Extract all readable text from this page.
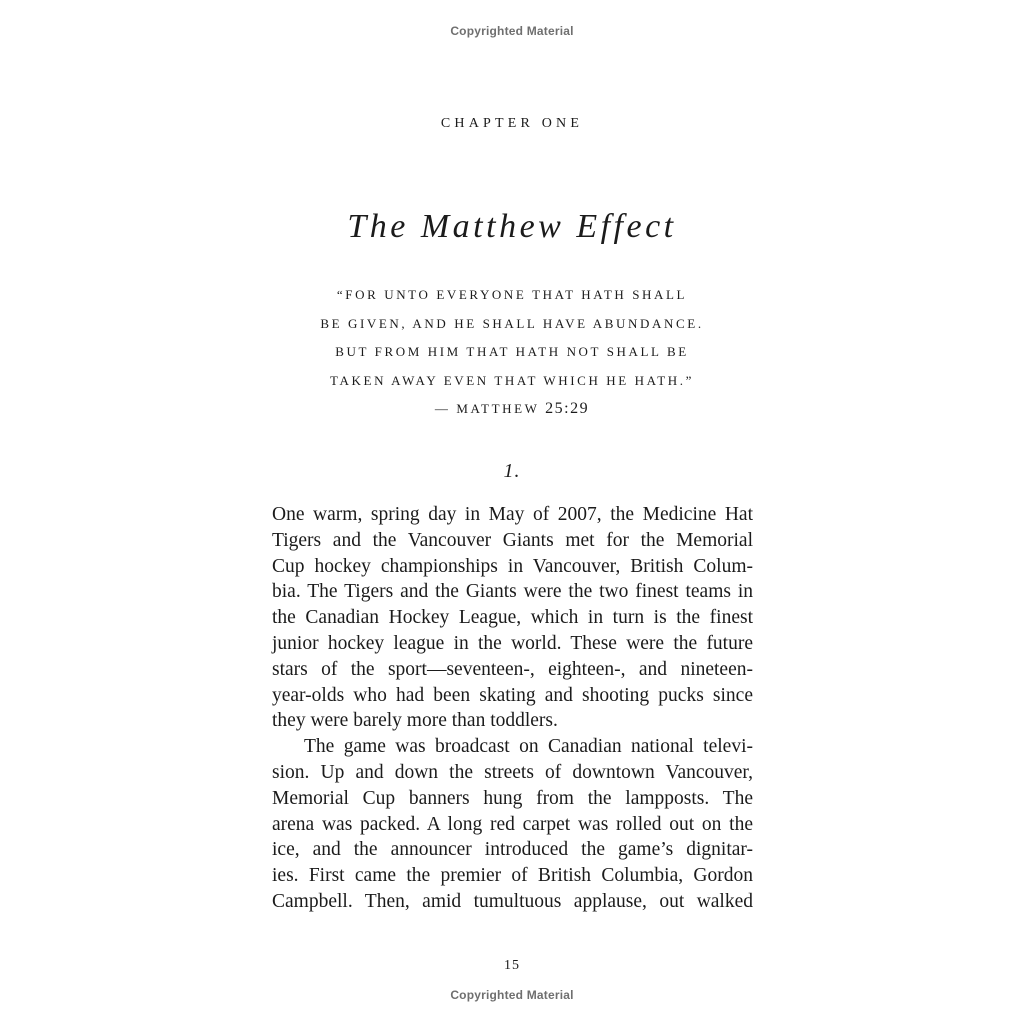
Copyrighted Material
CHAPTER ONE
The Matthew Effect
“FOR UNTO EVERYONE THAT HATH SHALL
BE GIVEN, AND HE SHALL HAVE ABUNDANCE.
BUT FROM HIM THAT HATH NOT SHALL BE
TAKEN AWAY EVEN THAT WHICH HE HATH.”
— MATTHEW 25:29
1.
One warm, spring day in May of 2007, the Medicine Hat
Tigers and the Vancouver Giants met for the Memorial
Cup hockey championships in Vancouver, British Colum-
bia. The Tigers and the Giants were the two finest teams in
the Canadian Hockey League, which in turn is the finest
junior hockey league in the world. These were the future
stars of the sport—seventeen-, eighteen-, and nineteen-
year-olds who had been skating and shooting pucks since
they were barely more than toddlers.
The game was broadcast on Canadian national televi-
sion. Up and down the streets of downtown Vancouver,
Memorial Cup banners hung from the lampposts. The
arena was packed. A long red carpet was rolled out on the
ice, and the announcer introduced the game’s dignitar-
ies. First came the premier of British Columbia, Gordon
Campbell. Then, amid tumultuous applause, out walked
15
Copyrighted Material
